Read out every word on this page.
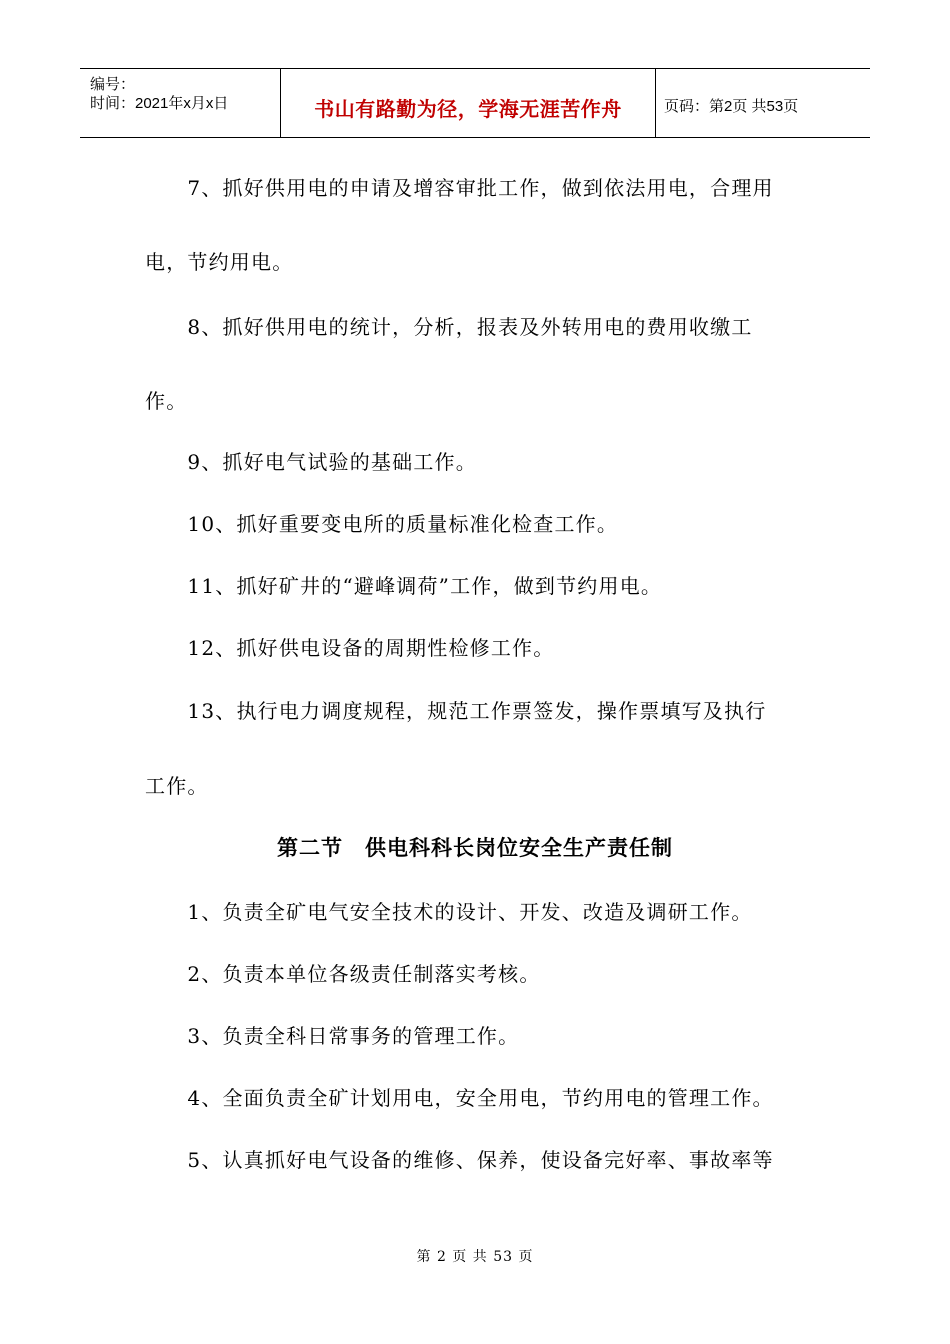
编号：
时间：2021年x月x日	书山有路勤为径，学海无涯苦作舟	页码：第2页 共53页
　　7、抓好供用电的申请及增容审批工作，做到依法用电，合理用
电，节约用电。
　　8、抓好供用电的统计，分析，报表及外转用电的费用收缴工
作。
　　9、抓好电气试验的基础工作。
　　10、抓好重要变电所的质量标准化检查工作。
　　11、抓好矿井的“避峰调荷”工作，做到节约用电。
　　12、抓好供电设备的周期性检修工作。
　　13、执行电力调度规程，规范工作票签发，操作票填写及执行
工作。
第二节　供电科科长岗位安全生产责任制
　　1、负责全矿电气安全技术的设计、开发、改造及调研工作。
　　2、负责本单位各级责任制落实考核。
　　3、负责全科日常事务的管理工作。
　　4、全面负责全矿计划用电，安全用电，节约用电的管理工作。
　　5、认真抓好电气设备的维修、保养，使设备完好率、事故率等
第 2 页 共 53 页
